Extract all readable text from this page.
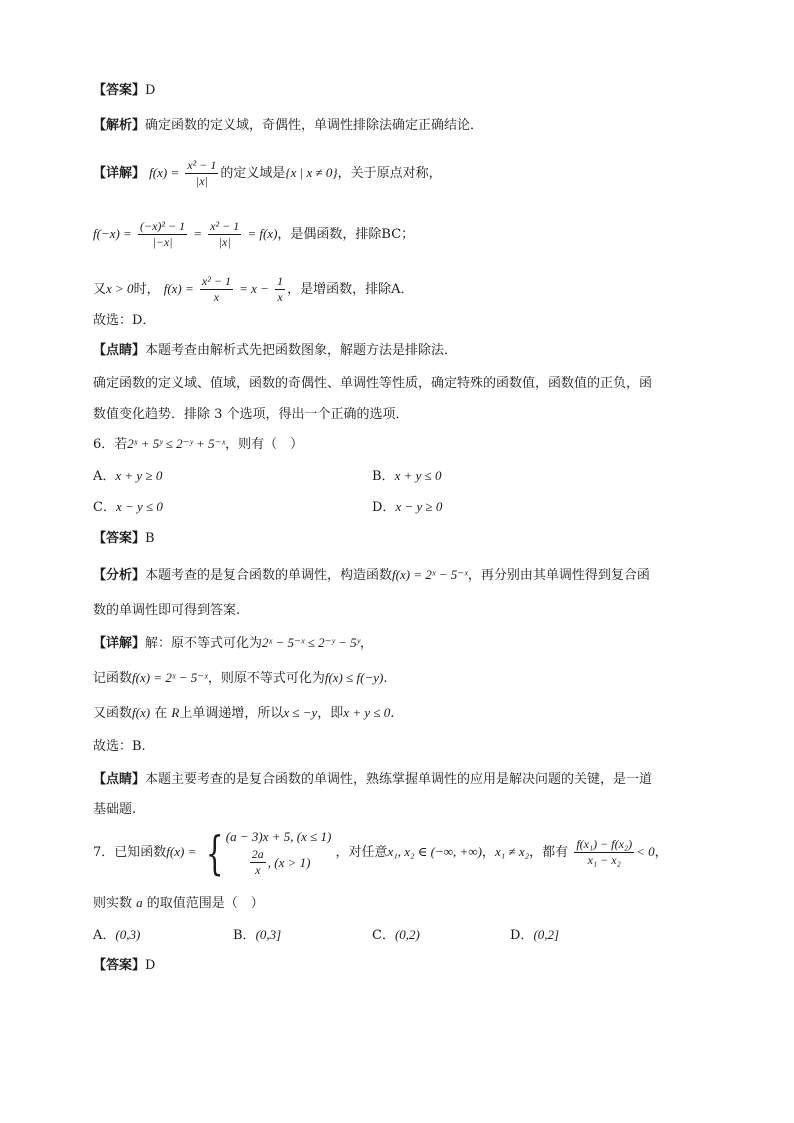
【答案】D
【解析】确定函数的定义域，奇偶性，单调性排除法确定正确结论．
【详解】 $f(x) = \frac{\text{x² − 1}}{|x|}$ 的定义域是{x | x ≠ 0}，关于原点对称，
$f(-x) = \frac{\text{(−x)² − 1}}{|-x|} = \frac{\text{x² − 1}}{|x|} = f(x)$，是偶函数，排除BC；
又x > 0时， $f(x) = \frac{\text{x² − 1}}{x} = x - \frac{1}{x}$ ，是增函数，排除A．
故选：D．
【点睛】本题考查由解析式先把函数图象，解题方法是排除法．
确定函数的定义域、值域，函数的奇偶性、单调性等性质，确定特殊的函数值，函数值的正负，函
数值变化趋势．排除 3 个选项，得出一个正确的选项．
6．若2ˣ + 5ʸ ≤ 2⁻ʸ + 5⁻ˣ，则有（　）
A．x + y ≥ 0	B．x + y ≤ 0
C．x − y ≤ 0	D．x − y ≥ 0
【答案】B
【分析】本题考查的是复合函数的单调性，构造函数f(x) = 2ˣ − 5⁻ˣ，再分别由其单调性得到复合函
数的单调性即可得到答案.
【详解】解：原不等式可化为2ˣ − 5⁻ˣ ≤ 2⁻ʸ − 5ʸ，
记函数f(x) = 2ˣ − 5⁻ˣ，则原不等式可化为f(x) ≤ f(−y).
又函数f(x) 在 R上单调递增，所以x ≤ −y，即x + y ≤ 0.
故选：B.
【点睛】本题主要考查的是复合函数的单调性，熟练掌握单调性的应用是解决问题的关键，是一道
基础题.
7．已知函数f(x) = { (a − 3)x + 5, (x ≤ 1)
$\frac{2a}{x}$ , (x > 1)
，对任意x₁, x₂ ∈ (−∞, +∞)，x₁ ≠ x₂，都有 $\frac{\text{f(x₁) − f(x₂)}}{\text{x₁ − x₂}} < 0$，
则实数 a 的取值范围是（　）
A．(0,3)	B．(0,3]	C．(0,2)	D．(0,2]
【答案】D
